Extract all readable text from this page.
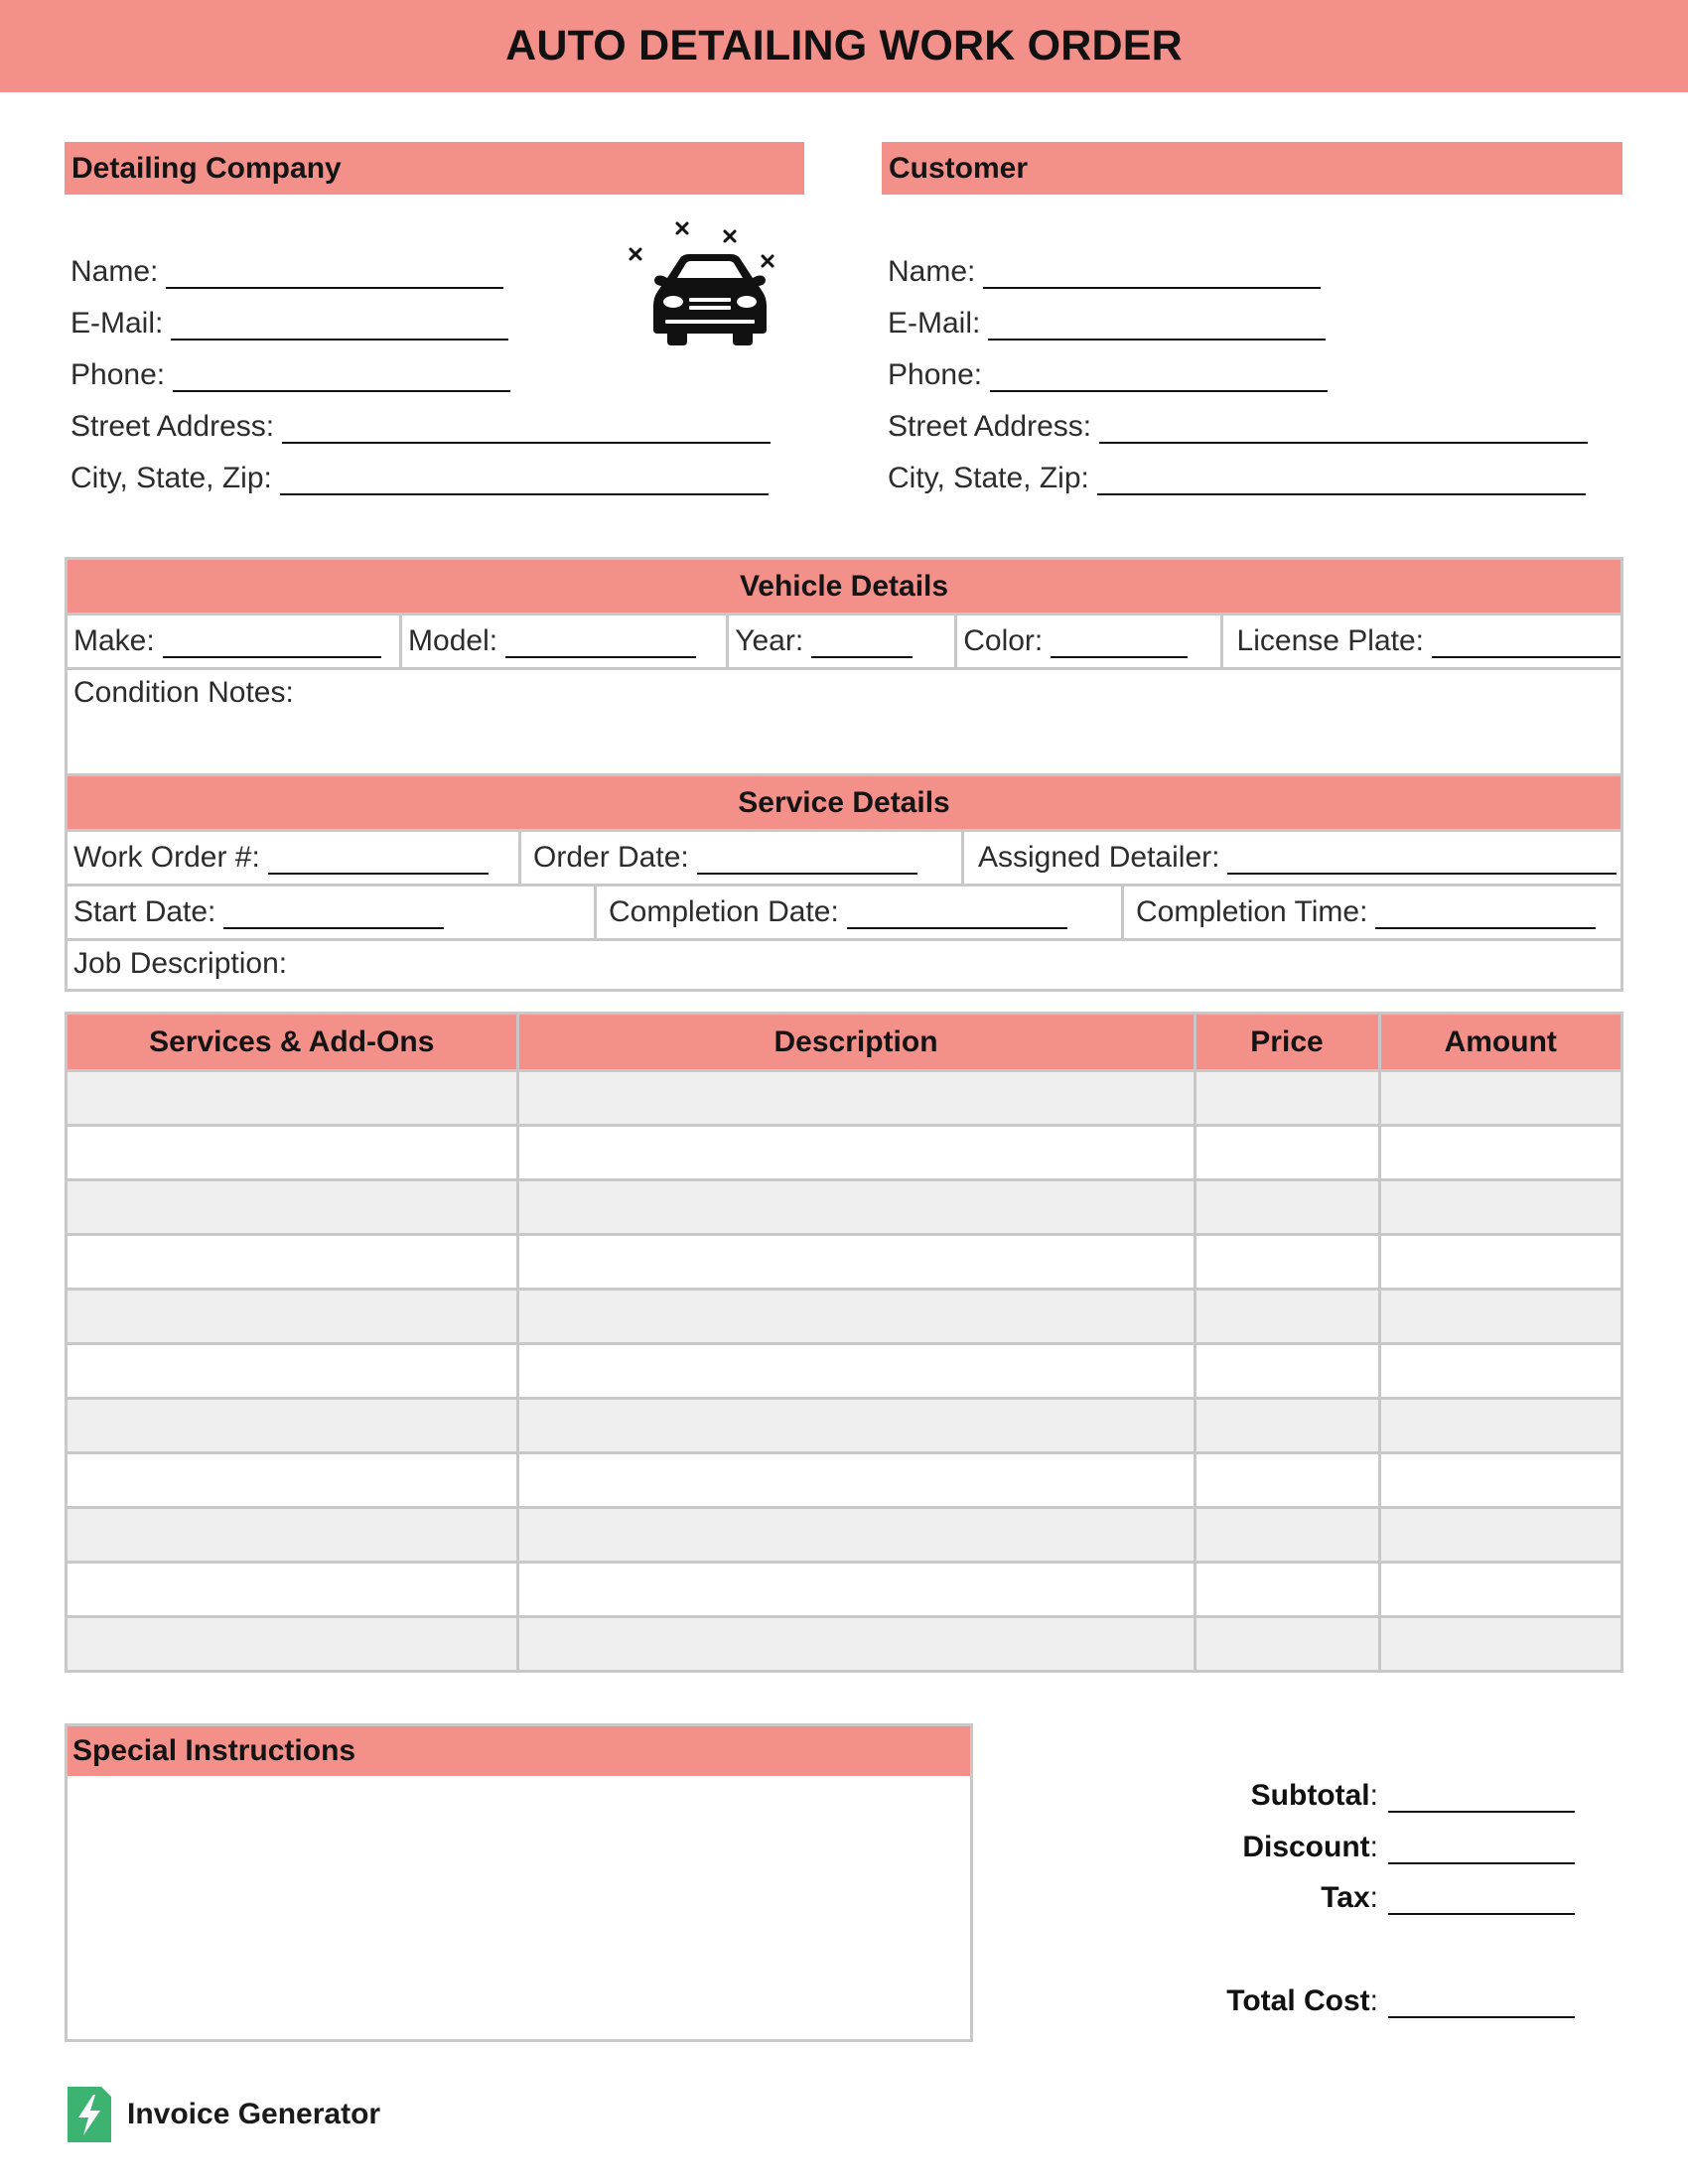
AUTO DETAILING WORK ORDER
Detailing Company
Name:
E-Mail:
Phone:
Street Address:
City, State, Zip:
Customer
Name:
E-Mail:
Phone:
Street Address:
City, State, Zip:
Vehicle Details
Make:	Model:	Year:	Color:	License Plate:
Condition Notes:
Service Details
Work Order #:	Order Date:	Assigned Detailer:
Start Date:	Completion Date:	Completion Time:
Job Description:
Services & Add-Ons	Description	Price	Amount

Special Instructions
Subtotal :
Discount :
Tax :
Total Cost :
Invoice Generator
